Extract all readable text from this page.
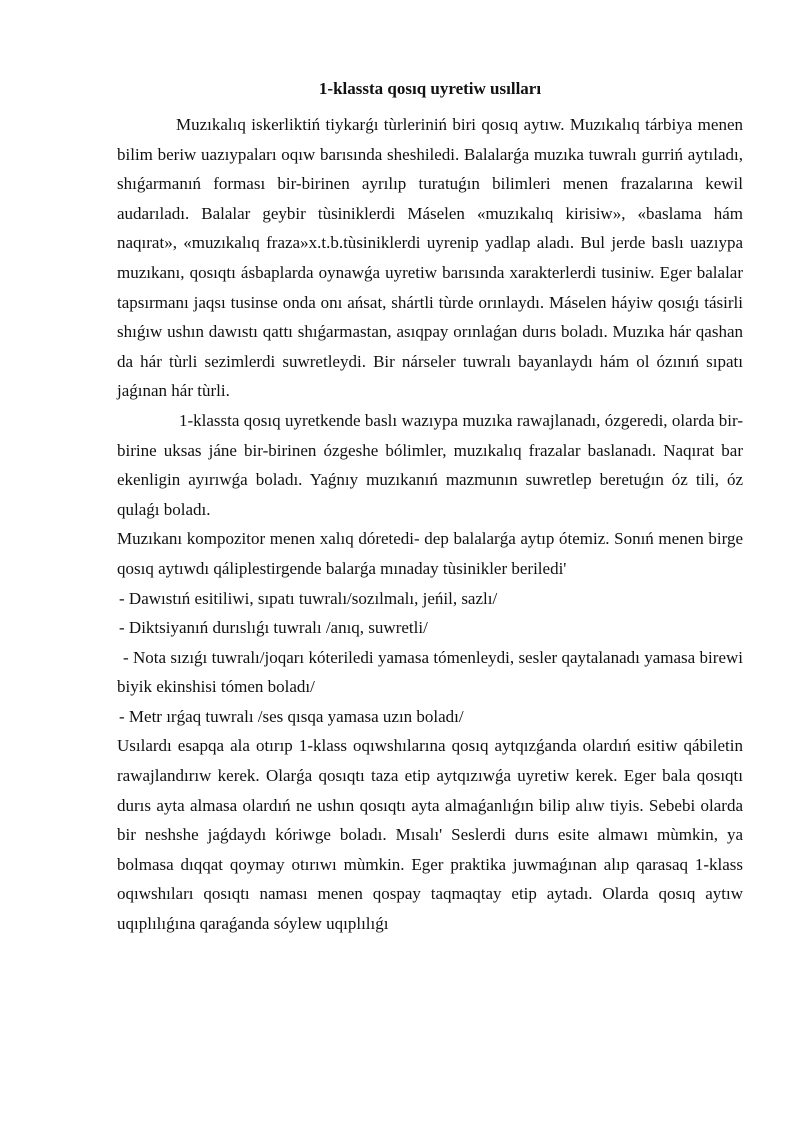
1-klassta qosıq uyretiw usılları

Muzıkalıq iskerliktiń tiykarǵı tùrleriniń biri qosıq aytıw. Muzıkalıq tárbiya menen bilim beriw uazıypaları oqıw barısında sheshiledi. Balalarǵa muzıka tuwralı gurriń aytıladı, shıǵarmanıń forması bir-birinen ayrılıp turatuǵın bilimleri menen frazalarına kewil audarıladı. Balalar geybir tùsiniklerdi Máselen «muzıkalıq kirisiw», «baslama hám naqırat», «muzıkalıq fraza»x.t.b.tùsiniklerdi uyrenip yadlap aladı. Bul jerde baslı uazıypa muzıkanı, qosıqtı ásbaplarda oynawǵa uyretiw barısında xarakterlerdi tusiniw. Eger balalar tapsırmanı jaqsı tusinse onda onı ańsat, shártli tùrde orınlaydı. Máselen háyiw qosıǵı tásirli shıǵıw ushın dawıstı qattı shıǵarmastan, asıqpay orınlaǵan durıs boladı. Muzıka hár qashan da hár tùrli sezimlerdi suwretleydi. Bir nárseler tuwralı bayanlaydı hám ol ózınıń sıpatı jaǵınan hár tùrli.

1-klassta qosıq uyretkende baslı wazıypa muzıka rawajlanadı, ózgeredi, olarda bir-birine uksas jáne bir-birinen ózgeshe bólimler, muzıkalıq frazalar baslanadı. Naqırat bar ekenligin ayırıwǵa boladı. Yaǵnıy muzıkanıń mazmunın suwretlep beretuǵın óz tili, óz qulaǵı boladı.

Muzıkanı kompozitor menen xalıq dóretedi- dep balalarǵa aytıp ótemiz. Sonıń menen birge qosıq aytıwdı qáliplestirgende balarǵa mınaday tùsinikler beriledi'

- Dawıstıń esitiliwi, sıpatı tuwralı/sozılmalı, jeńil, sazlı/

- Diktsiyanıń durıslıǵı tuwralı /anıq, suwretli/

- Nota sızıǵı tuwralı/joqarı kóteriledi yamasa tómenleydi, sesler qaytalanadı yamasa birewi biyik ekinshisi tómen boladı/

- Metr ırǵaq tuwralı /ses qısqa yamasa uzın boladı/

Usılardı esapqa ala otırıp 1-klass oqıwshılarına qosıq aytqızǵanda olardıń esitiw qábiletin rawajlandırıw kerek. Olarǵa qosıqtı taza etip aytqızıwǵa uyretiw kerek. Eger bala qosıqtı durıs ayta almasa olardıń ne ushın qosıqtı ayta almaǵanlıǵın bilip alıw tiyis. Sebebi olarda bir neshshe jaǵdaydı kóriwge boladı. Mısalı' Seslerdi durıs esite almawı mùmkin, ya bolmasa dıqqat qoymay otırıwı mùmkin. Eger praktika juwmaǵınan alıp qarasaq 1-klass oqıwshıları qosıqtı naması menen qospay taqmaqtay etip aytadı. Olarda qosıq aytıw uqıplılıǵına qaraǵanda sóylew uqıplılıǵı
